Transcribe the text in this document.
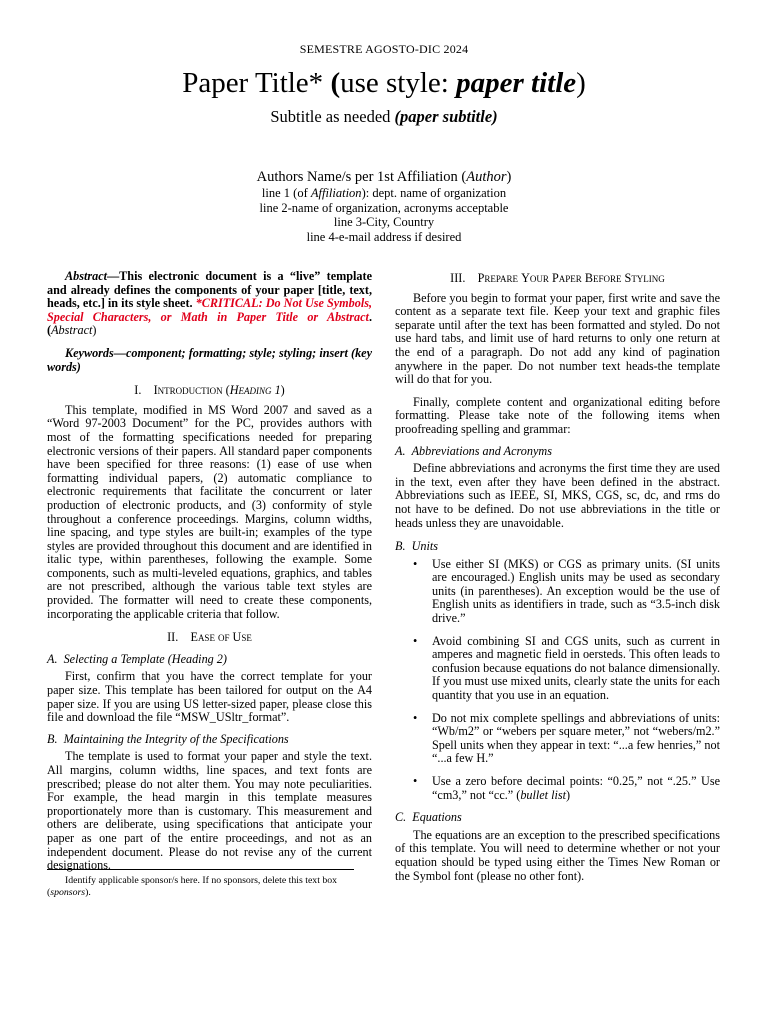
SEMESTRE AGOSTO-DIC 2024
Paper Title* (use style: paper title)
Subtitle as needed (paper subtitle)
Authors Name/s per 1st Affiliation (Author)
line 1 (of Affiliation): dept. name of organization
line 2-name of organization, acronyms acceptable
line 3-City, Country
line 4-e-mail address if desired

Abstract—This electronic document is a “live” template and already defines the components of your paper [title, text, heads, etc.] in its style sheet. *CRITICAL: Do Not Use Symbols, Special Characters, or Math in Paper Title or Abstract. (Abstract)

Keywords—component; formatting; style; styling; insert (key words)

I. Introduction (Heading 1)

This template, modified in MS Word 2007 and saved as a “Word 97-2003 Document” for the PC, provides authors with most of the formatting specifications needed for preparing electronic versions of their papers. All standard paper components have been specified for three reasons: (1) ease of use when formatting individual papers, (2) automatic compliance to electronic requirements that facilitate the concurrent or later production of electronic products, and (3) conformity of style throughout a conference proceedings. Margins, column widths, line spacing, and type styles are built-in; examples of the type styles are provided throughout this document and are identified in italic type, within parentheses, following the example. Some components, such as multi-leveled equations, graphics, and tables are not prescribed, although the various table text styles are provided. The formatter will need to create these components, incorporating the applicable criteria that follow.

II. Ease of Use
A.  Selecting a Template (Heading 2)

First, confirm that you have the correct template for your paper size. This template has been tailored for output on the A4 paper size. If you are using US letter-sized paper, please close this file and download the file “MSW_USltr_format”.

B.  Maintaining the Integrity of the Specifications

The template is used to format your paper and style the text. All margins, column widths, line spaces, and text fonts are prescribed; please do not alter them. You may note peculiarities. For example, the head margin in this template measures proportionately more than is customary. This measurement and others are deliberate, using specifications that anticipate your paper as one part of the entire proceedings, and not as an independent document. Please do not revise any of the current designations.

III. Prepare Your Paper Before Styling

Before you begin to format your paper, first write and save the content as a separate text file. Keep your text and graphic files separate until after the text has been formatted and styled. Do not use hard tabs, and limit use of hard returns to only one return at the end of a paragraph. Do not add any kind of pagination anywhere in the paper. Do not number text heads-the template will do that for you.

Finally, complete content and organizational editing before formatting. Please take note of the following items when proofreading spelling and grammar:

A.  Abbreviations and Acronyms

Define abbreviations and acronyms the first time they are used in the text, even after they have been defined in the abstract. Abbreviations such as IEEE, SI, MKS, CGS, sc, dc, and rms do not have to be defined. Do not use abbreviations in the title or heads unless they are unavoidable.

B.  Units
• Use either SI (MKS) or CGS as primary units. (SI units are encouraged.) English units may be used as secondary units (in parentheses). An exception would be the use of English units as identifiers in trade, such as “3.5-inch disk drive.”
• Avoid combining SI and CGS units, such as current in amperes and magnetic field in oersteds. This often leads to confusion because equations do not balance dimensionally. If you must use mixed units, clearly state the units for each quantity that you use in an equation.
• Do not mix complete spellings and abbreviations of units: “Wb/m2” or “webers per square meter,” not “webers/m2.” Spell units when they appear in text: “...a few henries,” not “...a few H.”
• Use a zero before decimal points: “0.25,” not “.25.” Use “cm3,” not “cc.” (bullet list)
C.  Equations

The equations are an exception to the prescribed specifications of this template. You will need to determine whether or not your equation should be typed using either the Times New Roman or the Symbol font (please no other font).

Identify applicable sponsor/s here. If no sponsors, delete this text box (sponsors).
